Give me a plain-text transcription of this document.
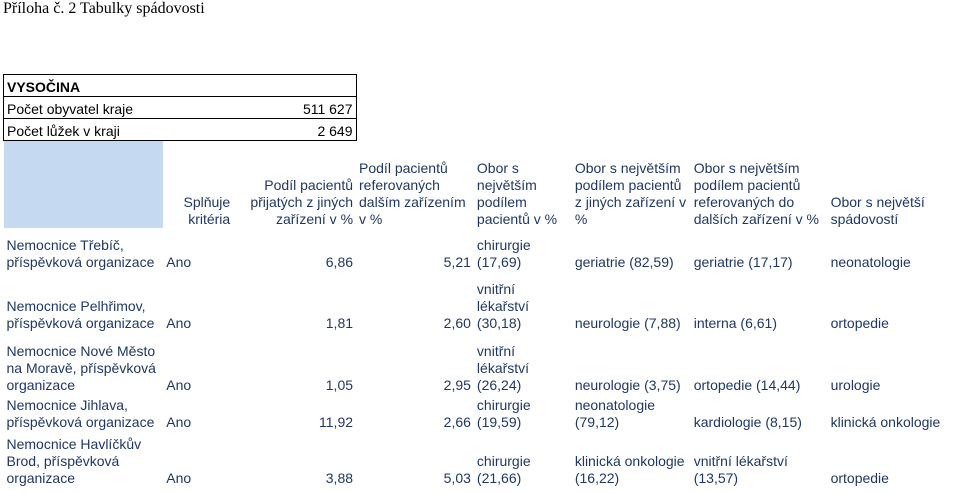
Příloha č. 2 Tabulky spádovosti
VYSOČINA							
Počet obyvatel kraje		511 627					
Počet lůžek v kraji		2 649					
	Splňuje kritéria	Podíl pacientů přijatých z jiných zařízení v %	Podíl pacientů referovaných dalším zařízením v %	Obor s největším podílem pacientů v %	Obor s největším podílem pacientů z jiných zařízení v %	Obor s největším podílem pacientů referovaných do dalších zařízení v %	Obor s největší spádovostí
Nemocnice Třebíč, příspěvková organizace	Ano	6,86	5,21	chirurgie (17,69)	geriatrie (82,59)	geriatrie (17,17)	neonatologie
Nemocnice Pelhřimov, příspěvková organizace	Ano	1,81	2,60	vnitřní lékařství (30,18)	neurologie (7,88)	interna (6,61)	ortopedie
Nemocnice Nové Město na Moravě, příspěvková organizace	Ano	1,05	2,95	vnitřní lékařství (26,24)	neurologie (3,75)	ortopedie (14,44)	urologie
Nemocnice Jihlava, příspěvková organizace	Ano	11,92	2,66	chirurgie (19,59)	neonatologie (79,12)	kardiologie (8,15)	klinická onkologie
Nemocnice Havlíčkův Brod, příspěvková organizace	Ano	3,88	5,03	chirurgie (21,66)	klinická onkologie (16,22)	vnitřní lékařství (13,57)	ortopedie
